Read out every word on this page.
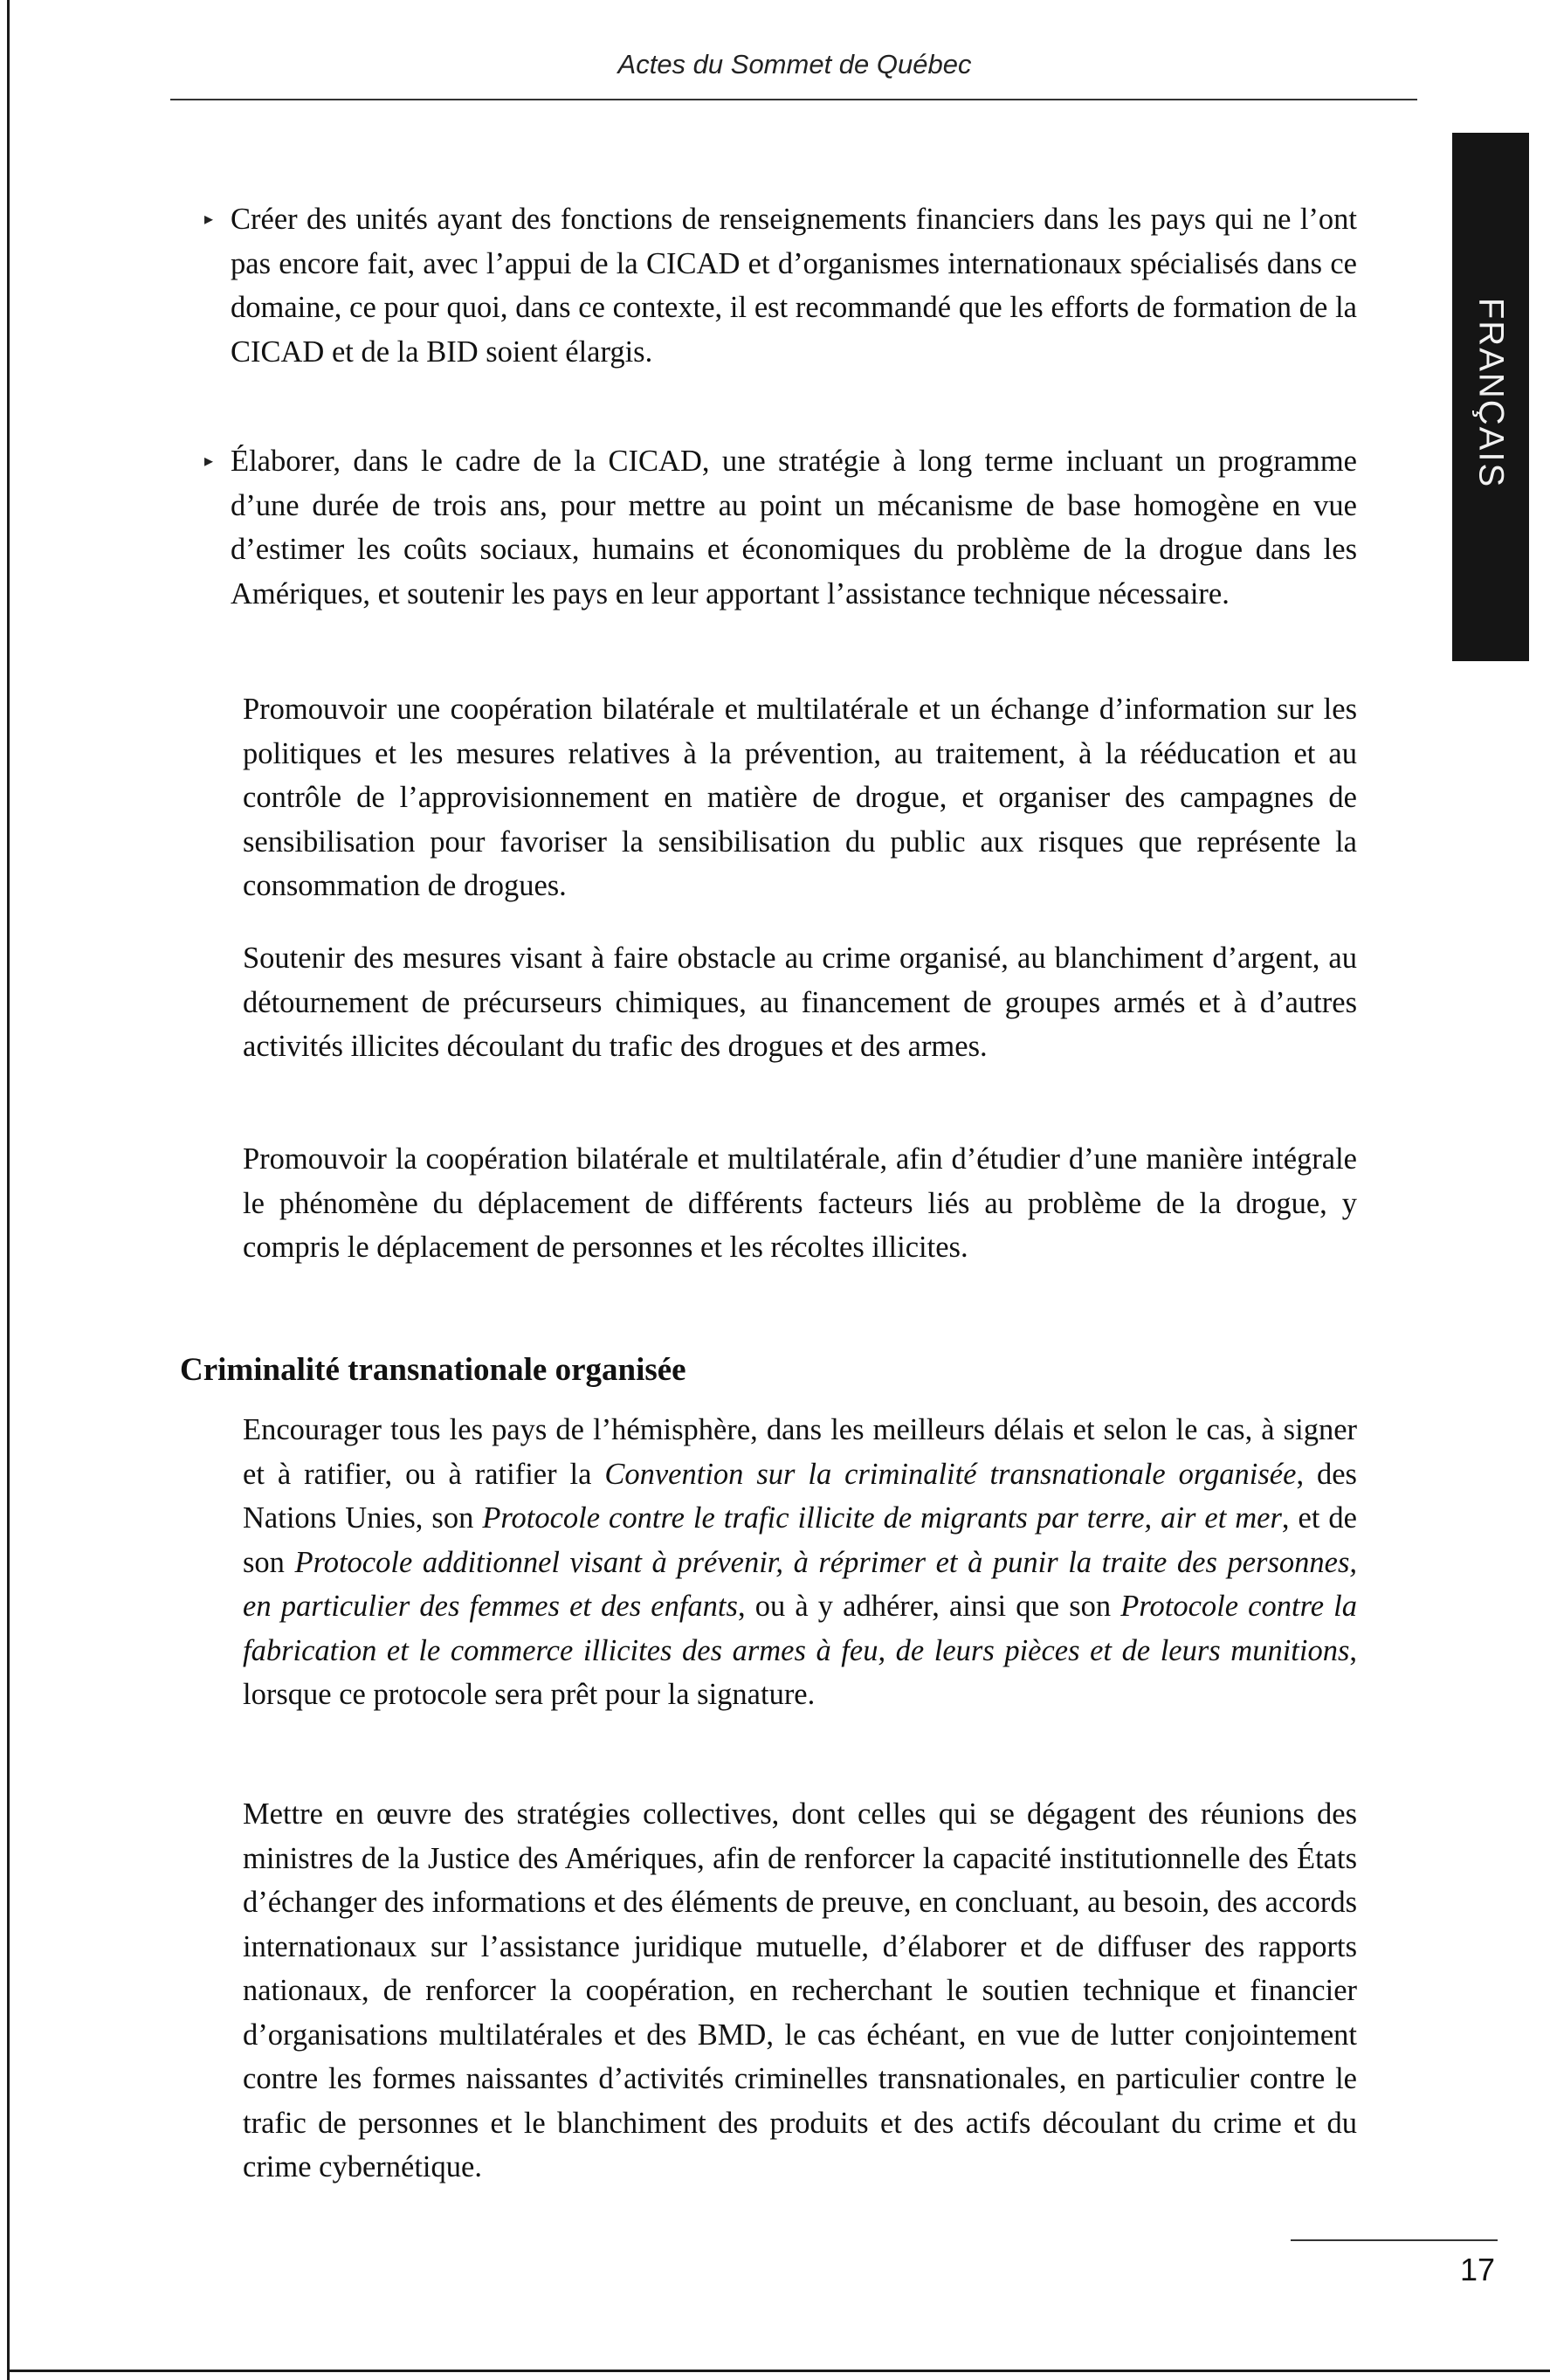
Actes du Sommet de Québec
FRANÇAIS
▸ Créer des unités ayant des fonctions de renseignements financiers dans les pays qui ne l’ont pas encore fait, avec l’appui de la CICAD et d’organismes internationaux spécialisés dans ce domaine, ce pour quoi, dans ce contexte, il est recommandé que les efforts de formation de la CICAD et de la BID soient élargis.

▸ Élaborer, dans le cadre de la CICAD, une stratégie à long terme incluant un programme d’une durée de trois ans, pour mettre au point un mécanisme de base homogène en vue d’estimer les coûts sociaux, humains et économiques du problème de la drogue dans les Amériques, et soutenir les pays en leur apportant l’assistance technique nécessaire.

Promouvoir une coopération bilatérale et multilatérale et un échange d’information sur les politiques et les mesures relatives à la prévention, au traitement, à la rééducation et au contrôle de l’approvisionnement en matière de drogue, et organiser des campagnes de sensibilisation pour favoriser la sensibilisation du public aux risques que représente la consommation de drogues.

Soutenir des mesures visant à faire obstacle au crime organisé, au blanchiment d’argent, au détournement de précurseurs chimiques, au financement de groupes armés et à d’autres activités illicites découlant du trafic des drogues et des armes.

Promouvoir la coopération bilatérale et multilatérale, afin d’étudier d’une manière intégrale le phénomène du déplacement de différents facteurs liés au problème de la drogue, y compris le déplacement de personnes et les récoltes illicites.

Criminalité transnationale organisée

Encourager tous les pays de l’hémisphère, dans les meilleurs délais et selon le cas, à signer et à ratifier, ou à ratifier la Convention sur la criminalité transnationale organisée, des Nations Unies, son Protocole contre le trafic illicite de migrants par terre, air et mer, et de son Protocole additionnel visant à prévenir, à réprimer et à punir la traite des personnes, en particulier des femmes et des enfants, ou à y adhérer, ainsi que son Protocole contre la fabrication et le commerce illicites des armes à feu, de leurs pièces et de leurs munitions, lorsque ce protocole sera prêt pour la signature.

Mettre en œuvre des stratégies collectives, dont celles qui se dégagent des réunions des ministres de la Justice des Amériques, afin de renforcer la capacité institutionnelle des États d’échanger des informations et des éléments de preuve, en concluant, au besoin, des accords internationaux sur l’assistance juridique mutuelle, d’élaborer et de diffuser des rapports nationaux, de renforcer la coopération, en recherchant le soutien technique et financier d’organisations multilatérales et des BMD, le cas échéant, en vue de lutter conjointement contre les formes naissantes d’activités criminelles transnationales, en particulier contre le trafic de personnes et le blanchiment des produits et des actifs découlant du crime et du crime cybernétique.

17
